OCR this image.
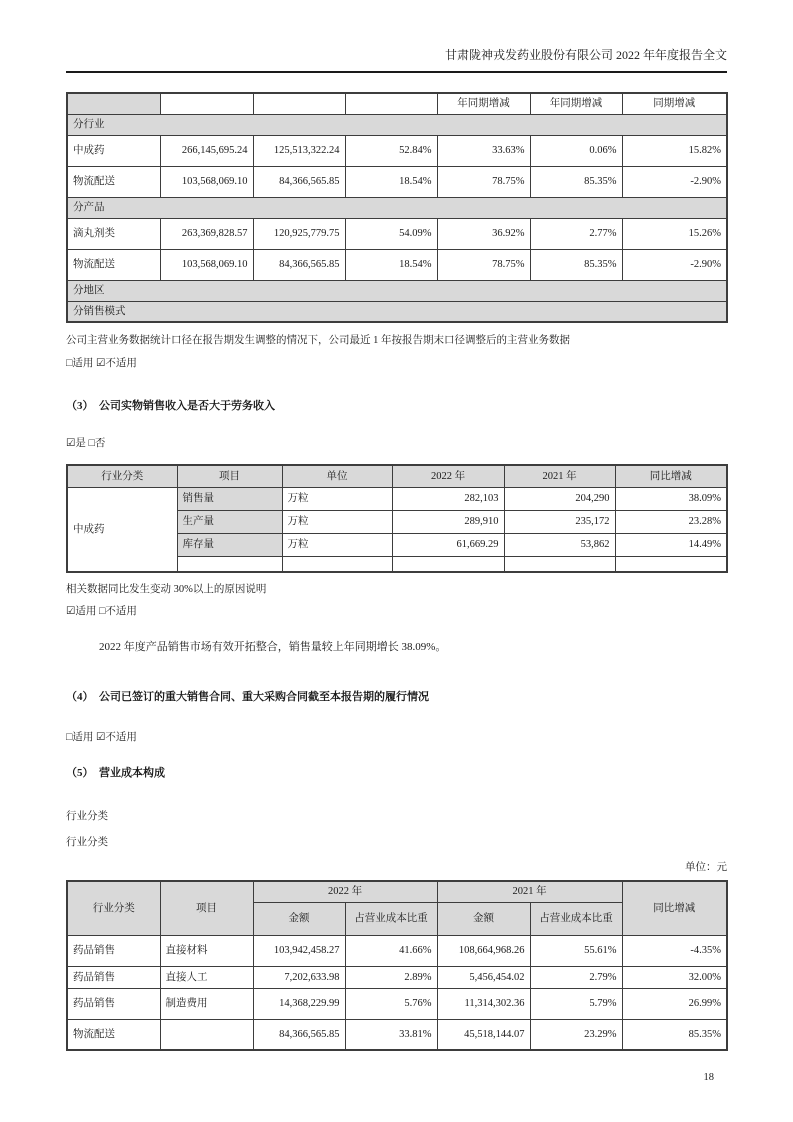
甘肃陇神戎发药业股份有限公司 2022 年年度报告全文
				年同期增减	年同期增减	同期增减
分行业						
中成药	266,145,695.24	125,513,322.24	52.84%	33.63%	0.06%	15.82%
物流配送	103,568,069.10	84,366,565.85	18.54%	78.75%	85.35%	-2.90%
分产品						
滴丸剂类	263,369,828.57	120,925,779.75	54.09%	36.92%	2.77%	15.26%
物流配送	103,568,069.10	84,366,565.85	18.54%	78.75%	85.35%	-2.90%
分地区						
分销售模式						

公司主营业务数据统计口径在报告期发生调整的情况下，公司最近 1 年按报告期末口径调整后的主营业务数据

□适用 ☑不适用

（3）　公司实物销售收入是否大于劳务收入

☑是 □否

行业分类	项目	单位	2022 年	2021 年	同比增减
中成药	销售量	万粒	282,103	204,290	38.09%
	生产量	万粒	289,910	235,172	23.28%
	库存量	万粒	61,669.29	53,862	14.49%

相关数据同比发生变动 30%以上的原因说明

☑适用 □不适用

2022 年度产品销售市场有效开拓整合，销售量较上年同期增长 38.09%。

（4）　公司已签订的重大销售合同、重大采购合同截至本报告期的履行情况

□适用 ☑不适用

（5）　营业成本构成

行业分类

行业分类

单位：元

行业分类	项目	2022 年		2021 年		同比增减
		金额	占营业成本比重	金额	占营业成本比重	
药品销售	直接材料	103,942,458.27	41.66%	108,664,968.26	55.61%	-4.35%
药品销售	直接人工	7,202,633.98	2.89%	5,456,454.02	2.79%	32.00%
药品销售	制造费用	14,368,229.99	5.76%	11,314,302.36	5.79%	26.99%
物流配送		84,366,565.85	33.81%	45,518,144.07	23.29%	85.35%

18
